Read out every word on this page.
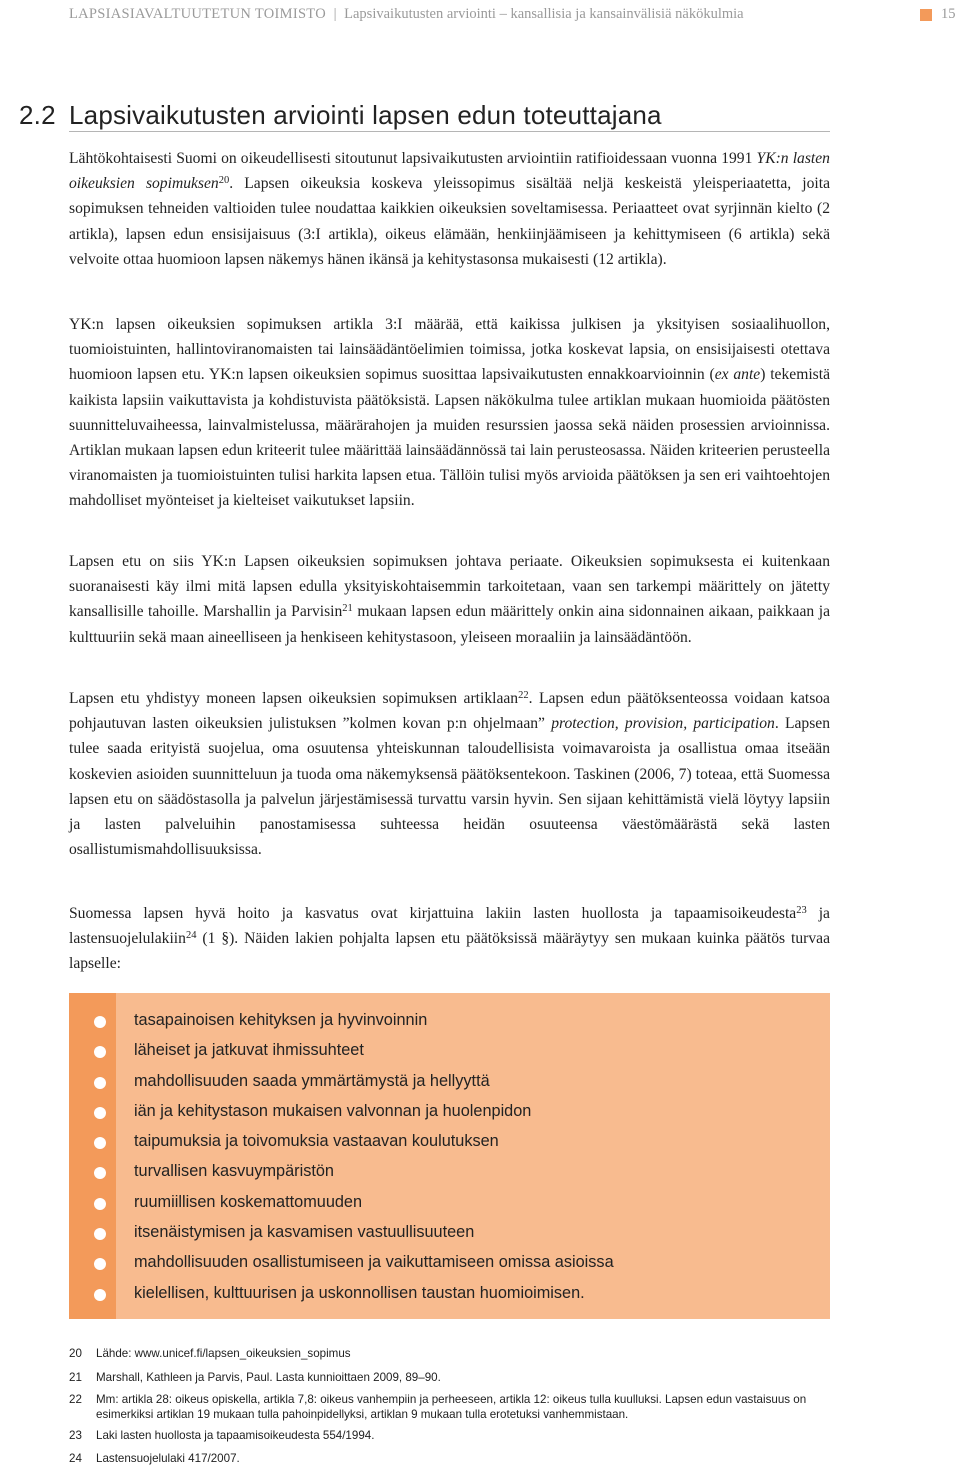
LAPSIASIAVALTUUTETUN TOIMISTO | Lapsivaikutusten arviointi – kansallisia ja kansainvälisiä näkökulmia	15
2.2 Lapsivaikutusten arviointi lapsen edun toteuttajana

Lähtökohtaisesti Suomi on oikeudellisesti sitoutunut lapsivaikutusten arviointiin ratifioidessaan vuonna 1991 YK:n lasten oikeuksien sopimuksen$^{20}$. Lapsen oikeuksia koskeva yleissopimus sisältää neljä keskeistä yleisperiaatetta, joita sopimuksen tehneiden valtioiden tulee noudattaa kaikkien oikeuksien soveltamisessa. Periaatteet ovat syrjinnän kielto (2 artikla), lapsen edun ensisijaisuus (3:I artikla), oikeus elämään, henkiinjäämiseen ja kehittymiseen (6 artikla) sekä velvoite ottaa huomioon lapsen näkemys hänen ikänsä ja kehitystasonsa mukaisesti (12 artikla).

YK:n lapsen oikeuksien sopimuksen artikla 3:I määrää, että kaikissa julkisen ja yksityisen sosiaalihuollon, tuomioistuinten, hallintoviranomaisten tai lainsäädäntöelimien toimissa, jotka koskevat lapsia, on ensisijaisesti otettava huomioon lapsen etu. YK:n lapsen oikeuksien sopimus suosittaa lapsivaikutusten ennakkoarvioinnin (ex ante) tekemistä kaikista lapsiin vaikuttavista ja kohdistuvista päätöksistä. Lapsen näkökulma tulee artiklan mukaan huomioida päätösten suunnitteluvaiheessa, lainvalmistelussa, määrärahojen ja muiden resurssien jaossa sekä näiden prosessien arvioinnissa. Artiklan mukaan lapsen edun kriteerit tulee määrittää lainsäädännössä tai lain perusteosassa. Näiden kriteerien perusteella viranomaisten ja tuomioistuinten tulisi harkita lapsen etua. Tällöin tulisi myös arvioida päätöksen ja sen eri vaihtoehtojen mahdolliset myönteiset ja kielteiset vaikutukset lapsiin.

Lapsen etu on siis YK:n Lapsen oikeuksien sopimuksen johtava periaate. Oikeuksien sopimuksesta ei kuitenkaan suoranaisesti käy ilmi mitä lapsen edulla yksityiskohtaisemmin tarkoitetaan, vaan sen tarkempi määrittely on jätetty kansallisille tahoille. Marshallin ja Parvisin$^{21}$ mukaan lapsen edun määrittely onkin aina sidonnainen aikaan, paikkaan ja kulttuuriin sekä maan aineelliseen ja henkiseen kehitystasoon, yleiseen moraaliin ja lainsäädäntöön.

Lapsen etu yhdistyy moneen lapsen oikeuksien sopimuksen artiklaan$^{22}$. Lapsen edun päätöksenteossa voidaan katsoa pohjautuvan lasten oikeuksien julistuksen ”kolmen kovan p:n ohjelmaan” protection, provision, participation. Lapsen tulee saada erityistä suojelua, oma osuutensa yhteiskunnan taloudellisista voimavaroista ja osallistua omaa itseään koskevien asioiden suunnitteluun ja tuoda oma näkemyksensä päätöksentekoon. Taskinen (2006, 7) toteaa, että Suomessa lapsen etu on säädöstasolla ja palvelun järjestämisessä turvattu varsin hyvin. Sen sijaan kehittämistä vielä löytyy lapsiin ja lasten palveluihin panostamisessa suhteessa heidän osuuteensa väestömäärästä sekä lasten osallistumismahdollisuuksissa.

Suomessa lapsen hyvä hoito ja kasvatus ovat kirjattuina lakiin lasten huollosta ja tapaamisoikeudesta$^{23}$ ja lastensuojelulakiin$^{24}$ (1 §). Näiden lakien pohjalta lapsen etu päätöksissä määräytyy sen mukaan kuinka päätös turvaa lapselle:

tasapainoisen kehityksen ja hyvinvoinnin
läheiset ja jatkuvat ihmissuhteet
mahdollisuuden saada ymmärtämystä ja hellyyttä
iän ja kehitystason mukaisen valvonnan ja huolenpidon
taipumuksia ja toivomuksia vastaavan koulutuksen
turvallisen kasvuympäristön
ruumiillisen koskemattomuuden
itsenäistymisen ja kasvamisen vastuullisuuteen
mahdollisuuden osallistumiseen ja vaikuttamiseen omissa asioissa
kielellisen, kulttuurisen ja uskonnollisen taustan huomioimisen.
20	Lähde: www.unicef.fi/lapsen_oikeuksien_sopimus
21	Marshall, Kathleen ja Parvis, Paul. Lasta kunnioittaen 2009, 89–90.
22	Mm: artikla 28: oikeus opiskella, artikla 7,8: oikeus vanhempiin ja perheeseen, artikla 12: oikeus tulla kuulluksi. Lapsen edun vastaisuus on esimerkiksi artiklan 19 mukaan tulla pahoinpidellyksi, artiklan 9 mukaan tulla erotetuksi vanhemmistaan.
23	Laki lasten huollosta ja tapaamisoikeudesta 554/1994.
24	Lastensuojelulaki 417/2007.
